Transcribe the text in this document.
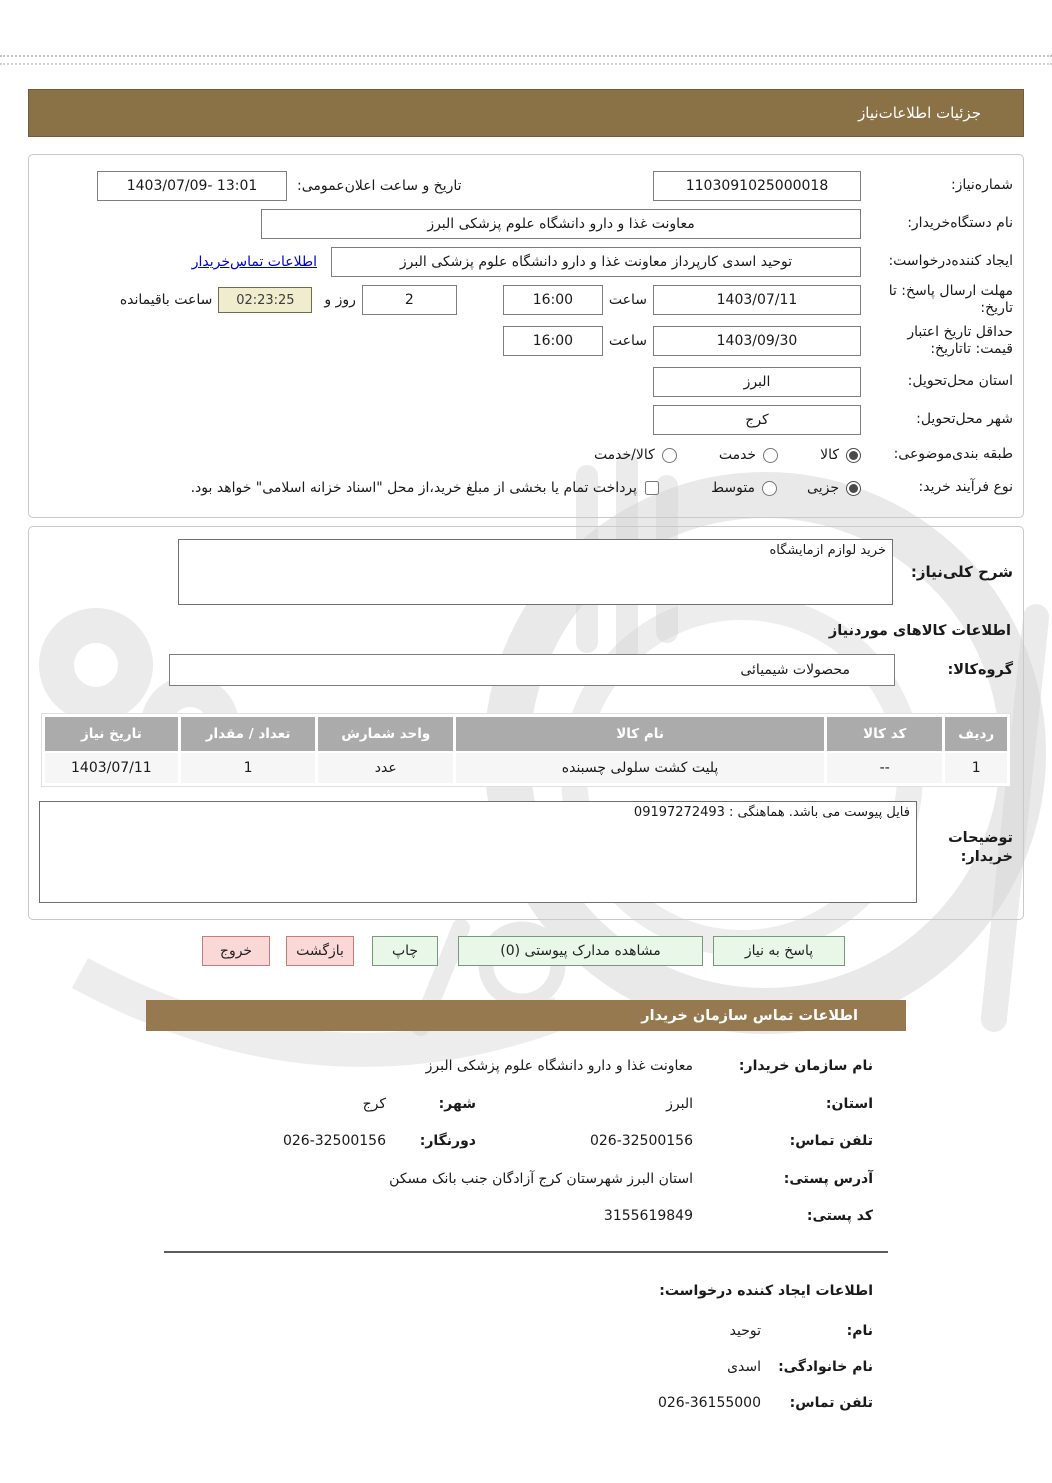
جزئیات اطلاعات‌نیاز
شماره‌نیاز:
1103091025000018
تاریخ و ساعت اعلان‌عمومی:
1403/07/09- 13:01
نام دستگاه‌خریدار:
معاونت غذا و دارو دانشگاه علوم پزشکی البرز
ایجاد کننده‌درخواست:
توحید اسدی کارپرداز معاونت غذا و دارو دانشگاه علوم پزشکی البرز
اطلاعات تماس‌خریدار
مهلت ارسال پاسخ: تا تاریخ:
1403/07/11
ساعت
16:00
2
روز و
02:23:25
ساعت باقیمانده
حداقل تاریخ اعتبار قیمت: تاتاریخ:
1403/09/30
ساعت
16:00
استان محل‌تحویل:
البرز
شهر محل‌تحویل:
کرج
طبقه بندی‌موضوعی:
کالا
خدمت
کالا/خدمت
نوع فرآیند خرید:
جزیی
متوسط
پرداخت تمام یا بخشی از مبلغ خرید،از محل "اسناد خزانه اسلامی" خواهد بود.
شرح کلی‌نیاز:
خرید لوازم ازمایشگاه
اطلاعات کالاهای موردنیاز
گروه‌کالا:
محصولات شیمیائی
ردیف
کد کالا
نام کالا
واحد شمارش
تعداد / مقدار
تاریخ نیاز
1
--
پلیت کشت سلولی چسبنده
عدد
1
1403/07/11
توضیحات خریدار:
فایل پیوست می باشد. هماهنگی : 09197272493
پاسخ به نیاز
مشاهده مدارک پیوستی (0)
چاپ
بازگشت
خروج
اطلاعات تماس سازمان خریدار
نام سازمان خریدار:
معاونت غذا و دارو دانشگاه علوم پزشکی البرز
استان:
البرز
شهر:
کرج
تلفن تماس:
026-32500156
دورنگار:
026-32500156
آدرس پستی:
استان البرز شهرستان کرج آزادگان جنب بانک مسکن
کد پستی:
3155619849
اطلاعات ایجاد کننده درخواست:
نام:
توحید
نام خانوادگی:
اسدی
تلفن تماس:
026-36155000
